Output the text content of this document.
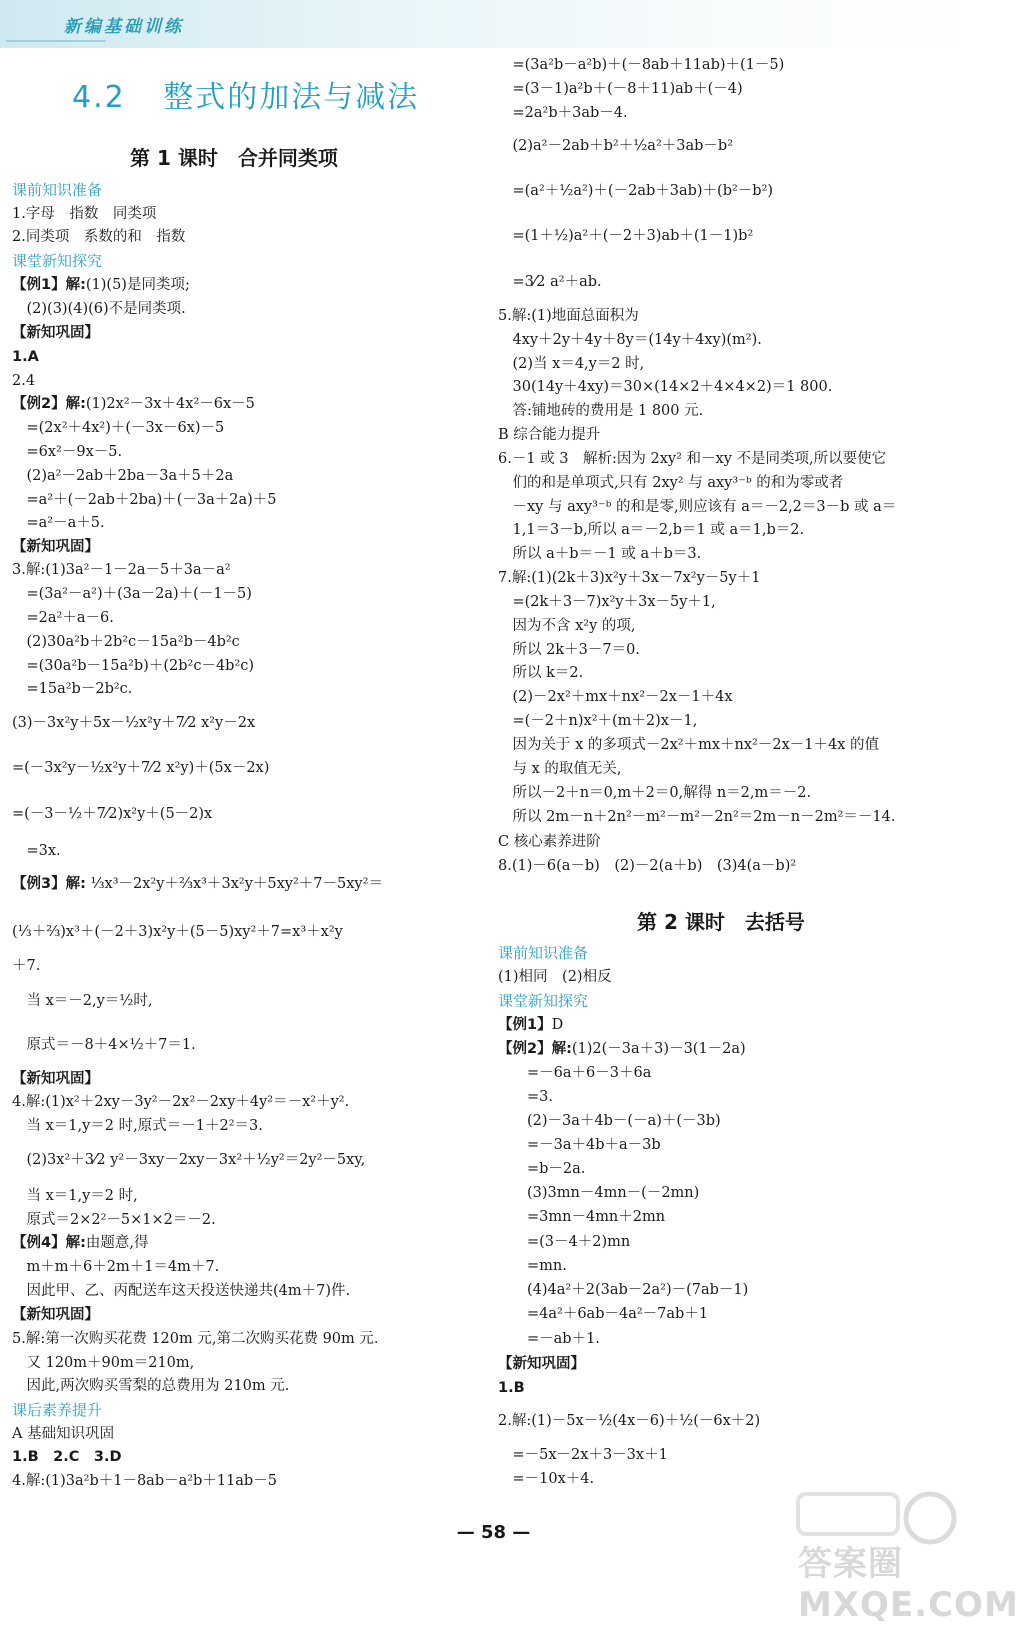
新编基础训练
4.2 整式的加法与减法
第 1 课时　合并同类项
第 2 课时　去括号
课前知识准备
1.字母　指数　同类项
2.同类项　系数的和　指数
课堂新知探究
【例1】解:(1)(5)是同类项;
　(2)(3)(4)(6)不是同类项.
【新知巩固】
1.A
2.4
【例2】解:(1)2x²－3x＋4x²－6x－5
　=(2x²＋4x²)＋(－3x－6x)－5
　=6x²－9x－5.
　(2)a²－2ab＋2ba－3a＋5＋2a
　=a²＋(－2ab＋2ba)＋(－3a＋2a)＋5
　=a²－a＋5.
【新知巩固】
3.解:(1)3a²－1－2a－5＋3a－a²
　=(3a²－a²)＋(3a－2a)＋(－1－5)
　=2a²＋a－6.
　(2)30a²b＋2b²c－15a²b－4b²c
　=(30a²b－15a²b)＋(2b²c－4b²c)
　=15a²b－2b²c.
(3)－3x²y＋5x－½x²y＋7⁄2 x²y－2x
=(－3x²y－½x²y＋7⁄2 x²y)＋(5x－2x)
=(－3－½＋7⁄2)x²y＋(5－2)x
　=3x.
【例3】解: ⅓x³－2x²y＋⅔x³＋3x²y＋5xy²＋7－5xy²＝
(⅓＋⅔)x³＋(－2＋3)x²y＋(5－5)xy²＋7=x³＋x²y
＋7.
　当 x＝－2,y＝½时,
　原式＝－8＋4×½＋7＝1.
【新知巩固】
4.解:(1)x²＋2xy－3y²－2x²－2xy＋4y²＝－x²＋y².
　当 x＝1,y＝2 时,原式＝－1＋2²＝3.
　(2)3x²＋3⁄2 y²－3xy－2xy－3x²＋½y²＝2y²－5xy,
　当 x＝1,y＝2 时,
　原式＝2×2²－5×1×2＝－2.
【例4】解:由题意,得
　m＋m＋6＋2m＋1＝4m＋7.
　因此甲、乙、丙配送车这天投送快递共(4m＋7)件.
【新知巩固】
5.解:第一次购买花费 120m 元,第二次购买花费 90m 元.
　又 120m＋90m＝210m,
　因此,两次购买雪梨的总费用为 210m 元.
课后素养提升
A 基础知识巩固
1.B　2.C　3.D
4.解:(1)3a²b＋1－8ab－a²b＋11ab－5
　=(3a²b－a²b)＋(－8ab＋11ab)＋(1－5)
　=(3－1)a²b＋(－8＋11)ab＋(－4)
　=2a²b＋3ab－4.
　(2)a²－2ab＋b²＋½a²＋3ab－b²
　=(a²＋½a²)＋(－2ab＋3ab)＋(b²－b²)
　=(1＋½)a²＋(－2＋3)ab＋(1－1)b²
　=3⁄2 a²＋ab.
5.解:(1)地面总面积为
　4xy＋2y＋4y＋8y＝(14y＋4xy)(m²).
　(2)当 x＝4,y＝2 时,
　30(14y＋4xy)＝30×(14×2＋4×4×2)＝1 800.
　答:铺地砖的费用是 1 800 元.
B 综合能力提升
6.－1 或 3　解析:因为 2xy² 和－xy 不是同类项,所以要使它
　们的和是单项式,只有 2xy² 与 axy³⁻ᵇ 的和为零或者
　－xy 与 axy³⁻ᵇ 的和是零,则应该有 a＝－2,2＝3－b 或 a＝
　1,1＝3－b,所以 a＝－2,b＝1 或 a＝1,b＝2.
　所以 a＋b＝－1 或 a＋b＝3.
7.解:(1)(2k＋3)x²y＋3x－7x²y－5y＋1
　=(2k＋3－7)x²y＋3x－5y＋1,
　因为不含 x²y 的项,
　所以 2k＋3－7＝0.
　所以 k＝2.
　(2)－2x²＋mx＋nx²－2x－1＋4x
　=(－2＋n)x²＋(m＋2)x－1,
　因为关于 x 的多项式－2x²＋mx＋nx²－2x－1＋4x 的值
　与 x 的取值无关,
　所以－2＋n＝0,m＋2＝0,解得 n＝2,m＝－2.
　所以 2m－n＋2n²－m²－m²－2n²＝2m－n－2m²＝－14.
C 核心素养进阶
8.(1)－6(a－b)　(2)－2(a＋b)　(3)4(a－b)²
课前知识准备
(1)相同　(2)相反
课堂新知探究
【例1】D
【例2】解:(1)2(－3a＋3)－3(1－2a)
　　=－6a＋6－3＋6a
　　=3.
　　(2)－3a＋4b－(－a)＋(－3b)
　　=－3a＋4b＋a－3b
　　=b－2a.
　　(3)3mn－4mn－(－2mn)
　　=3mn－4mn＋2mn
　　=(3－4＋2)mn
　　=mn.
　　(4)4a²＋2(3ab－2a²)－(7ab－1)
　　=4a²＋6ab－4a²－7ab＋1
　　=－ab＋1.
【新知巩固】
1.B
2.解:(1)－5x－½(4x－6)＋½(－6x＋2)
　=－5x－2x＋3－3x＋1
　=－10x＋4.
— 58 —
答案圈 MXQE.COM
